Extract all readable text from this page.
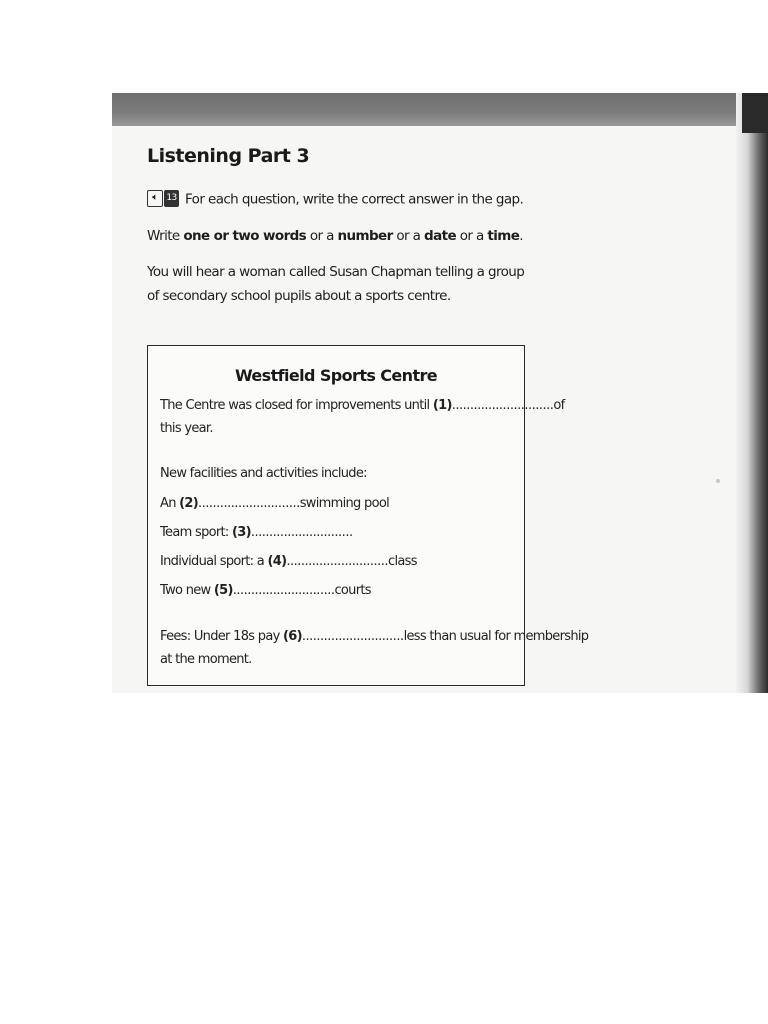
Listening Part 3

🔈︎ 13 For each question, write the correct answer in the gap.

Write one or two words or a number or a date or a time.

You will hear a woman called Susan Chapman telling a group of secondary school pupils about a sports centre.

Westfield Sports Centre

The Centre was closed for improvements until (1)............................of

this year.

New facilities and activities include:

An (2)............................swimming pool

Team sport: (3)............................

Individual sport: a (4)............................class

Two new (5)............................courts

Fees: Under 18s pay (6)............................less than usual for membership

at the moment.
